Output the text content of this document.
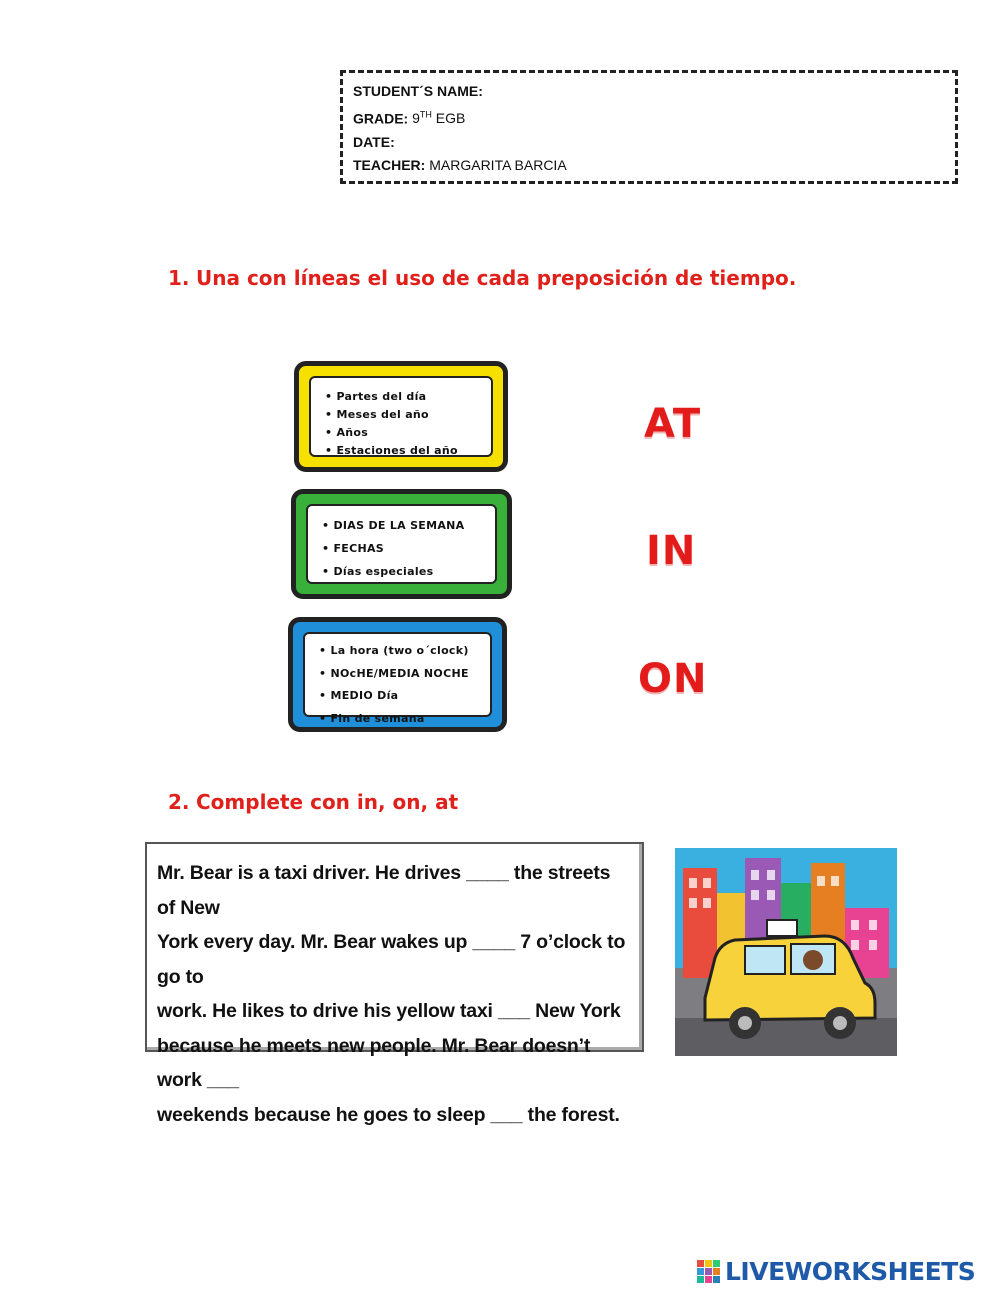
STUDENT´S NAME:
GRADE: 9TH EGB
DATE:
TEACHER: MARGARITA BARCIA
1. Una con líneas el uso de cada preposición de tiempo.
• Partes del día
• Meses del año
• Años
• Estaciones del año
• DIAS DE LA SEMANA
• FECHAS
• Días especiales
• La hora (two o´clock)
• NOcHE/MEDIA NOCHE
• MEDIO Día
• Fin de semana
AT
IN
ON
2. Complete con in, on, at
Mr. Bear is a taxi driver. He drives ____ the streets of New
York every day. Mr. Bear wakes up ____ 7 o’clock to go to
work. He likes to drive his yellow taxi ___ New York
because he meets new people. Mr. Bear doesn’t work ___
weekends because he goes to sleep ___ the forest.
LIVEWORKSHEETS
